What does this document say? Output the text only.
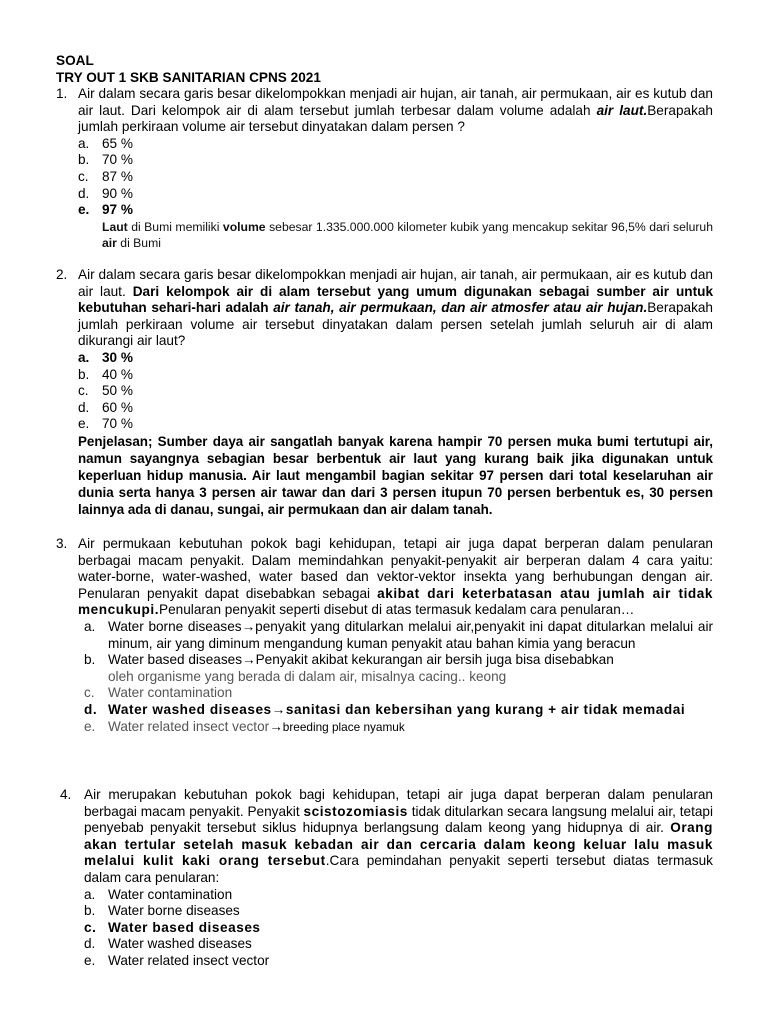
SOAL
TRY OUT 1 SKB SANITARIAN CPNS 2021
1. Air dalam secara garis besar dikelompokkan menjadi air hujan, air tanah, air permukaan, air es kutub dan air laut. Dari kelompok air di alam tersebut jumlah terbesar dalam volume adalah air laut.Berapakah jumlah perkiraan volume air tersebut dinyatakan dalam persen ?
a. 65 %
b. 70 %
c. 87 %
d. 90 %
e. 97 %
Laut di Bumi memiliki volume sebesar 1.335.000.000 kilometer kubik yang mencakup sekitar 96,5% dari seluruh air di Bumi
2. Air dalam secara garis besar dikelompokkan menjadi air hujan, air tanah, air permukaan, air es kutub dan air laut. Dari kelompok air di alam tersebut yang umum digunakan sebagai sumber air untuk kebutuhan sehari-hari adalah air tanah, air permukaan, dan air atmosfer atau air hujan.Berapakah jumlah perkiraan volume air tersebut dinyatakan dalam persen setelah jumlah seluruh air di alam dikurangi air laut?
a. 30 %
b. 40 %
c. 50 %
d. 60 %
e. 70 %
Penjelasan; Sumber daya air sangatlah banyak karena hampir 70 persen muka bumi tertutupi air, namun sayangnya sebagian besar berbentuk air laut yang kurang baik jika digunakan untuk keperluan hidup manusia. Air laut mengambil bagian sekitar 97 persen dari total keselaruhan air dunia serta hanya 3 persen air tawar dan dari 3 persen itupun 70 persen berbentuk es, 30 persen lainnya ada di danau, sungai, air permukaan dan air dalam tanah.
3. Air permukaan kebutuhan pokok bagi kehidupan, tetapi air juga dapat berperan dalam penularan berbagai macam penyakit. Dalam memindahkan penyakit-penyakit air berperan dalam 4 cara yaitu: water-borne, water-washed, water based dan vektor-vektor insekta yang berhubungan dengan air. Penularan penyakit dapat disebabkan sebagai akibat dari keterbatasan atau jumlah air tidak mencukupi.Penularan penyakit seperti disebut di atas termasuk kedalam cara penularan…
a. Water borne diseases→penyakit yang ditularkan melalui air,penyakit ini dapat ditularkan melalui air minum, air yang diminum mengandung kuman penyakit atau bahan kimia yang beracun
b. Water based diseases→Penyakit akibat kekurangan air bersih juga bisa disebabkan
oleh organisme yang berada di dalam air, misalnya cacing.. keong
c. Water contamination
d. Water washed diseases→sanitasi dan kebersihan yang kurang + air tidak memadai
e. Water related insect vector→breeding place nyamuk
4. Air merupakan kebutuhan pokok bagi kehidupan, tetapi air juga dapat berperan dalam penularan berbagai macam penyakit. Penyakit scistozomiasis tidak ditularkan secara langsung melalui air, tetapi penyebab penyakit tersebut siklus hidupnya berlangsung dalam keong yang hidupnya di air. Orang akan tertular setelah masuk kebadan air dan cercaria dalam keong keluar lalu masuk melalui kulit kaki orang tersebut.Cara pemindahan penyakit seperti tersebut diatas termasuk dalam cara penularan:
a. Water contamination
b. Water borne diseases
c. Water based diseases
d. Water washed diseases
e. Water related insect vector
